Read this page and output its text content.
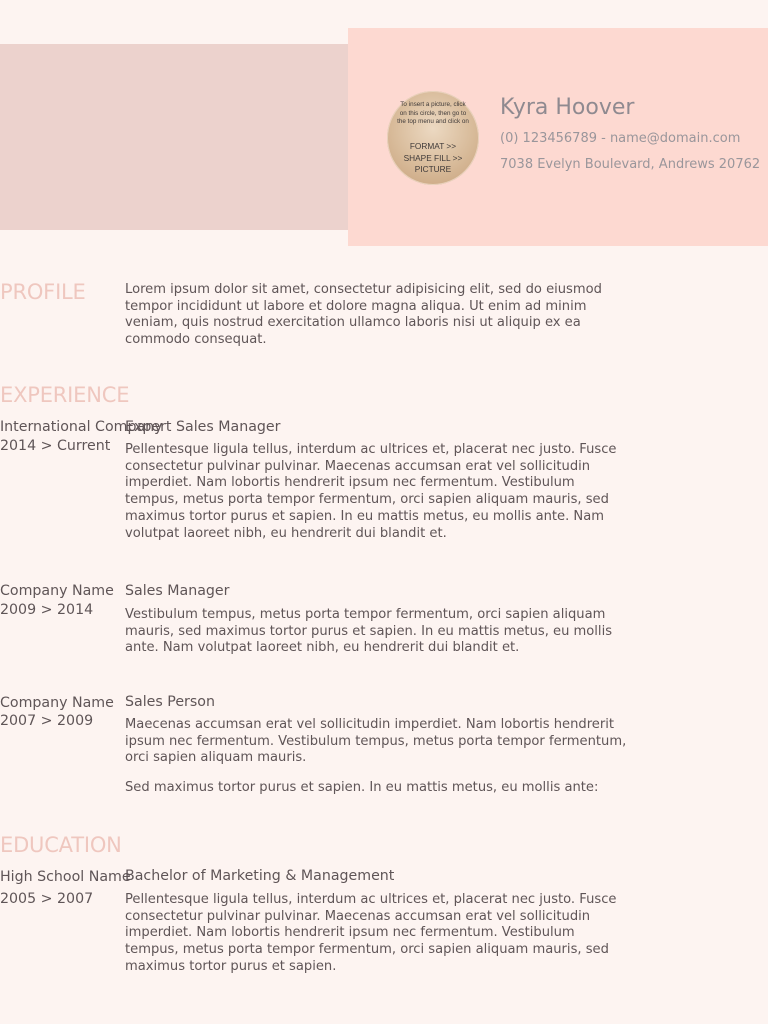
To insert a picture, click on this circle, then go to the top menu and click on
FORMAT >> SHAPE FILL >> PICTURE
Kyra Hoover
(0) 123456789 - name@domain.com
7038 Evelyn Boulevard, Andrews 20762
PROFILE	Lorem ipsum dolor sit amet, consectetur adipisicing elit, sed do eiusmod tempor incididunt ut labore et dolore magna aliqua. Ut enim ad minim veniam, quis nostrud exercitation ullamco laboris nisi ut aliquip ex ea commodo consequat.
EXPERIENCE
International Company
2014 > Current
Expert Sales Manager
Pellentesque ligula tellus, interdum ac ultrices et, placerat nec justo. Fusce consectetur pulvinar pulvinar. Maecenas accumsan erat vel sollicitudin imperdiet. Nam lobortis hendrerit ipsum nec fermentum. Vestibulum tempus, metus porta tempor fermentum, orci sapien aliquam mauris, sed maximus tortor purus et sapien. In eu mattis metus, eu mollis ante. Nam volutpat laoreet nibh, eu hendrerit dui blandit et.
Company Name
2009 > 2014
Sales Manager
Vestibulum tempus, metus porta tempor fermentum, orci sapien aliquam mauris, sed maximus tortor purus et sapien. In eu mattis metus, eu mollis ante. Nam volutpat laoreet nibh, eu hendrerit dui blandit et.
Company Name
2007 > 2009
Sales Person
Maecenas accumsan erat vel sollicitudin imperdiet. Nam lobortis hendrerit ipsum nec fermentum. Vestibulum tempus, metus porta tempor fermentum, orci sapien aliquam mauris.
Sed maximus tortor purus et sapien. In eu mattis metus, eu mollis ante:
EDUCATION
High School Name
2005 > 2007
Bachelor of Marketing & Management
Pellentesque ligula tellus, interdum ac ultrices et, placerat nec justo. Fusce consectetur pulvinar pulvinar. Maecenas accumsan erat vel sollicitudin imperdiet. Nam lobortis hendrerit ipsum nec fermentum. Vestibulum tempus, metus porta tempor fermentum, orci sapien aliquam mauris, sed maximus tortor purus et sapien.
